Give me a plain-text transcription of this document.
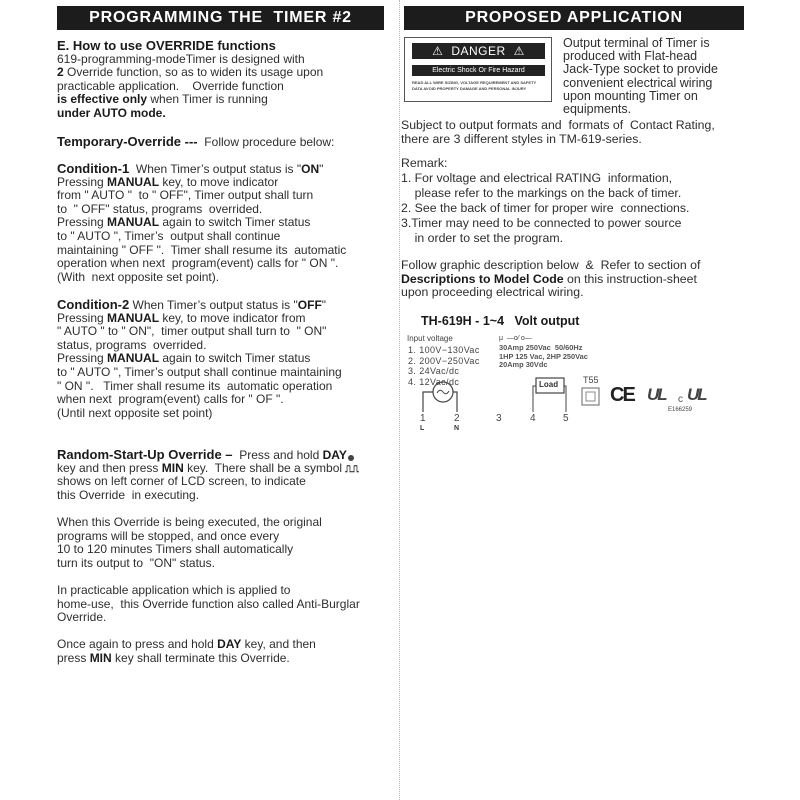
PROGRAMMING THE  TIMER #2
E. How to use OVERRIDE functions
619-programming-modeTimer is designed with
2 Override function, so as to widen its usage upon
practicable application.    Override function
is effective only when Timer is running
under AUTO mode.
Temporary-Override ---  Follow procedure below:
Condition-1  When Timer’s output status is "ON"
Pressing MANUAL key, to move indicator
from " AUTO "  to " OFF", Timer output shall turn
to  " OFF" status, programs  overrided.
Pressing MANUAL again to switch Timer status
to " AUTO ", Timer’s  output shall continue
maintaining " OFF ".  Timer shall resume its  automatic
operation when next  program(event) calls for " ON ".
(With  next opposite set point).
Condition-2 When Timer’s output status is "OFF"
Pressing MANUAL key, to move indicator from
" AUTO " to " ON",  timer output shall turn to  " ON"
status, programs  overrided.
Pressing MANUAL again to switch Timer status
to " AUTO ", Timer’s output shall continue maintaining
" ON ".   Timer shall resume its  automatic operation
when next  program(event) calls for " OF ".
(Until next opposite set point)
Random-Start-Up Override –  Press and hold DAY
key and then press MIN key.  There shall be a symbol ⎍⎍
shows on left corner of LCD screen, to indicate
this Override  in executing.
When this Override is being executed, the original
programs will be stopped, and once every
10 to 120 minutes Timers shall automatically
turn its output to  "ON" status.
In practicable application which is applied to
home-use,  this Override function also called Anti-Burglar
Override.
Once again to press and hold DAY key, and then
press MIN key shall terminate this Override.
PROPOSED APPLICATION
⚠ DANGER ⚠
Electric Shock Or Fire Hazard
READ ALL WIRE SIZING, VOLTAGE REQUIREMENT AND SAFETY DATA AVOID PROPERTY DAMAGE AND PERSONAL INJURY
Output terminal of Timer is
produced with Flat-head
Jack-Type socket to provide
convenient electrical wiring
upon mounting Timer on
equipments.
Subject to output formats and  formats of  Contact Rating,
there are 3 different styles in TM-619-series.
Remark:
1. For voltage and electrical RATING  information,
please refer to the markings on the back of timer.
2. See the back of timer for proper wire  connections.
3.Timer may need to be connected to power source
in order to set the program.
Follow graphic description below  &  Refer to section of
Descriptions to Model Code on this instruction-sheet
upon proceeding electrical wiring.
TH-619H - 1~4   Volt output
Input voltage
1. 100V−130Vac
2. 200V−250Vac
3. 24Vac/dc
4. 12Vac/dc
μ  —o⁄ o—
30Amp 250Vac  50/60Hz
1HP 125 Vac, 2HP 250Vac
20Amp 30Vdc
Load
1
L
2
N
3	4	5
T55
CE UL c UL
E166259
